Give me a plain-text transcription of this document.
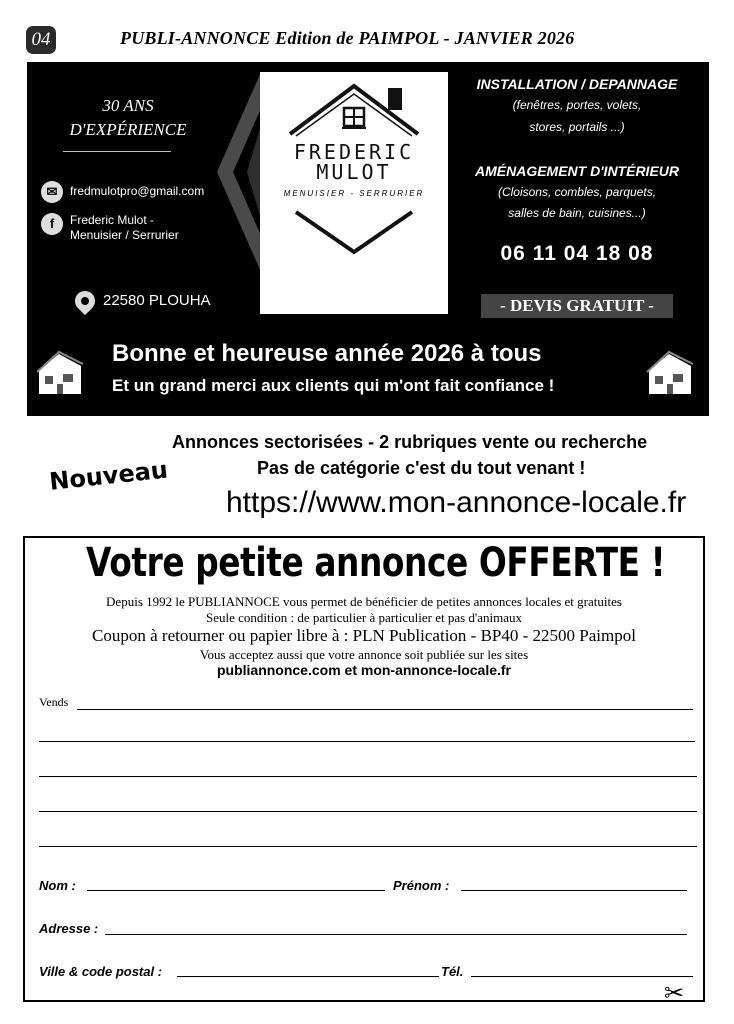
04	PUBLI-ANNONCE Edition de PAIMPOL - JANVIER 2026
30 ANS
D'EXPÉRIENCE
✉	fredmulotpro@gmail.com
f	Frederic Mulot -
Menuisier / Serrurier
22580 PLOUHA
FREDERIC
MULOT
MENUISIER - SERRURIER
INSTALLATION / DEPANNAGE
(fenêtres, portes, volets,
stores, portails ...)
AMÉNAGEMENT D'INTÉRIEUR
(Cloisons, combles, parquets,
salles de bain, cuisines...)
06 11 04 18 08
- DEVIS GRATUIT -
Bonne et heureuse année 2026 à tous
Et un grand merci aux clients qui m'ont fait confiance !
Annonces sectorisées - 2 rubriques vente ou recherche
Pas de catégorie c'est du tout venant !
Nouveau
https://www.mon-annonce-locale.fr
Votre petite annonce OFFERTE !
Depuis 1992 le PUBLIANNOCE vous permet de bénéficier de petites annonces locales et gratuites
Seule condition : de particulier à particulier et pas d'animaux
Coupon à retourner ou papier libre à : PLN Publication - BP40 - 22500 Paimpol
Vous acceptez aussi que votre annonce soit publiée sur les sites
publiannonce.com et mon-annonce-locale.fr
Vends
Nom :	Prénom :
Adresse :
Ville & code postal :	Tél.
✂
